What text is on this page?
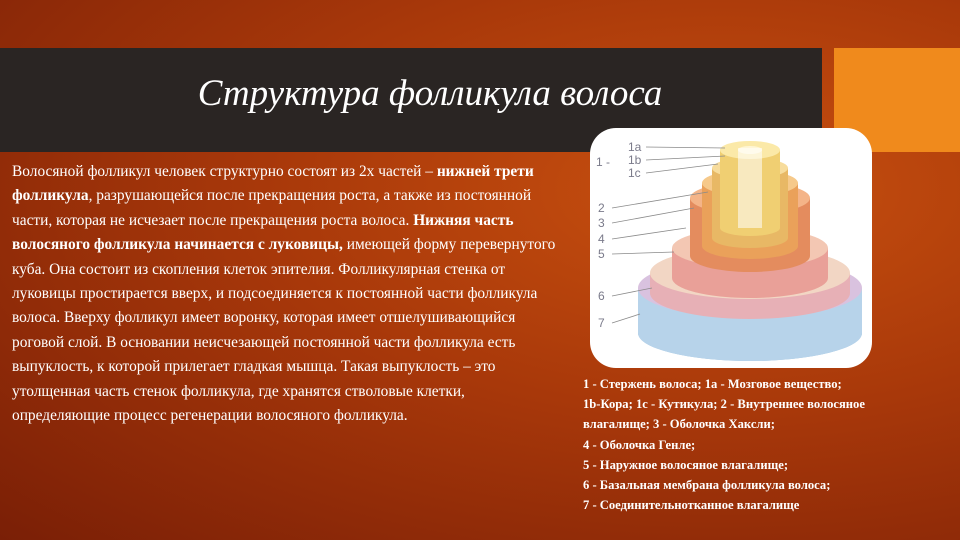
Структура фолликула волоса
Волосяной фолликул человек структурно состоят из 2х частей – нижней трети фолликула, разрушающейся после прекращения роста, а также из постоянной части, которая не исчезает после прекращения роста волоса. Нижняя часть волосяного фолликула начинается с луковицы, имеющей форму перевернутого куба. Она состоит из скопления клеток эпителия. Фолликулярная стенка от луковицы простирается вверх, и подсоединяется к постоянной части фолликула волоса. Вверху фолликул имеет воронку, которая имеет отшелушивающийся роговой слой. В основании неисчезающей постоянной части фолликула есть выпуклость, к которой прилегает гладкая мышца. Такая выпуклость – это утолщенная часть стенок фолликула, где хранятся стволовые клетки, определяющие процесс регенерации волосяного фолликула.
1a
1b
1c
1 -
2
3
4
5
6
7
1 - Стержень волоса; 1а - Мозговое вещество;
1b-Кора; 1c - Кутикула; 2 - Внутреннее волосяное
влагалище; 3 - Оболочка Хаксли;
4 - Оболочка Генле;
5 - Наружное волосяное влагалище;
6 - Базальная мембрана фолликула волоса;
7 - Соединительнотканное влагалище
